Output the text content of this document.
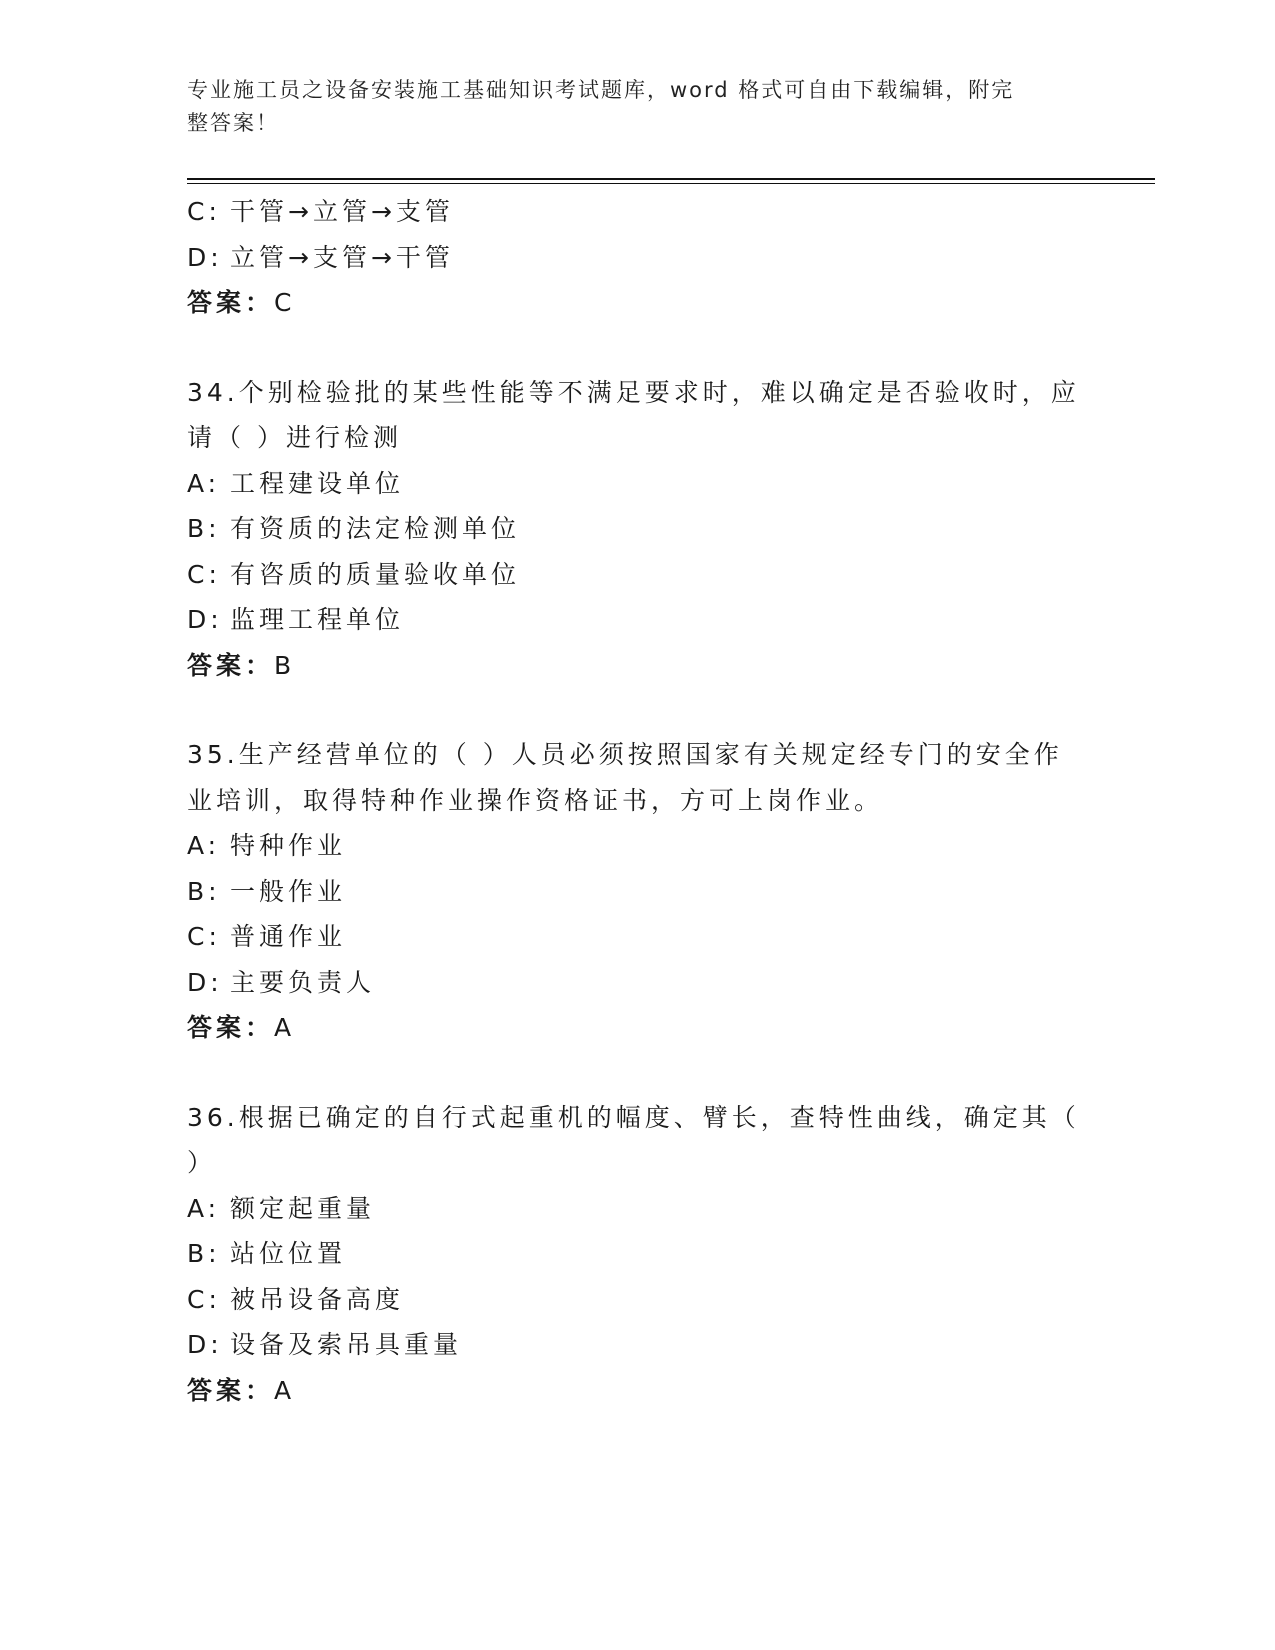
专业施工员之设备安装施工基础知识考试题库，word 格式可自由下载编辑，附完
整答案！
C: 干管→立管→支管
D: 立管→支管→干管
答案：C
34.个别检验批的某些性能等不满足要求时，难以确定是否验收时，应
请（ ）进行检测
A: 工程建设单位
B: 有资质的法定检测单位
C: 有咨质的质量验收单位
D: 监理工程单位
答案：B
35.生产经营单位的（ ）人员必须按照国家有关规定经专门的安全作
业培训，取得特种作业操作资格证书，方可上岗作业。
A: 特种作业
B: 一般作业
C: 普通作业
D: 主要负责人
答案：A
36.根据已确定的自行式起重机的幅度、臂长，查特性曲线，确定其（
）
A: 额定起重量
B: 站位位置
C: 被吊设备高度
D: 设备及索吊具重量
答案：A
